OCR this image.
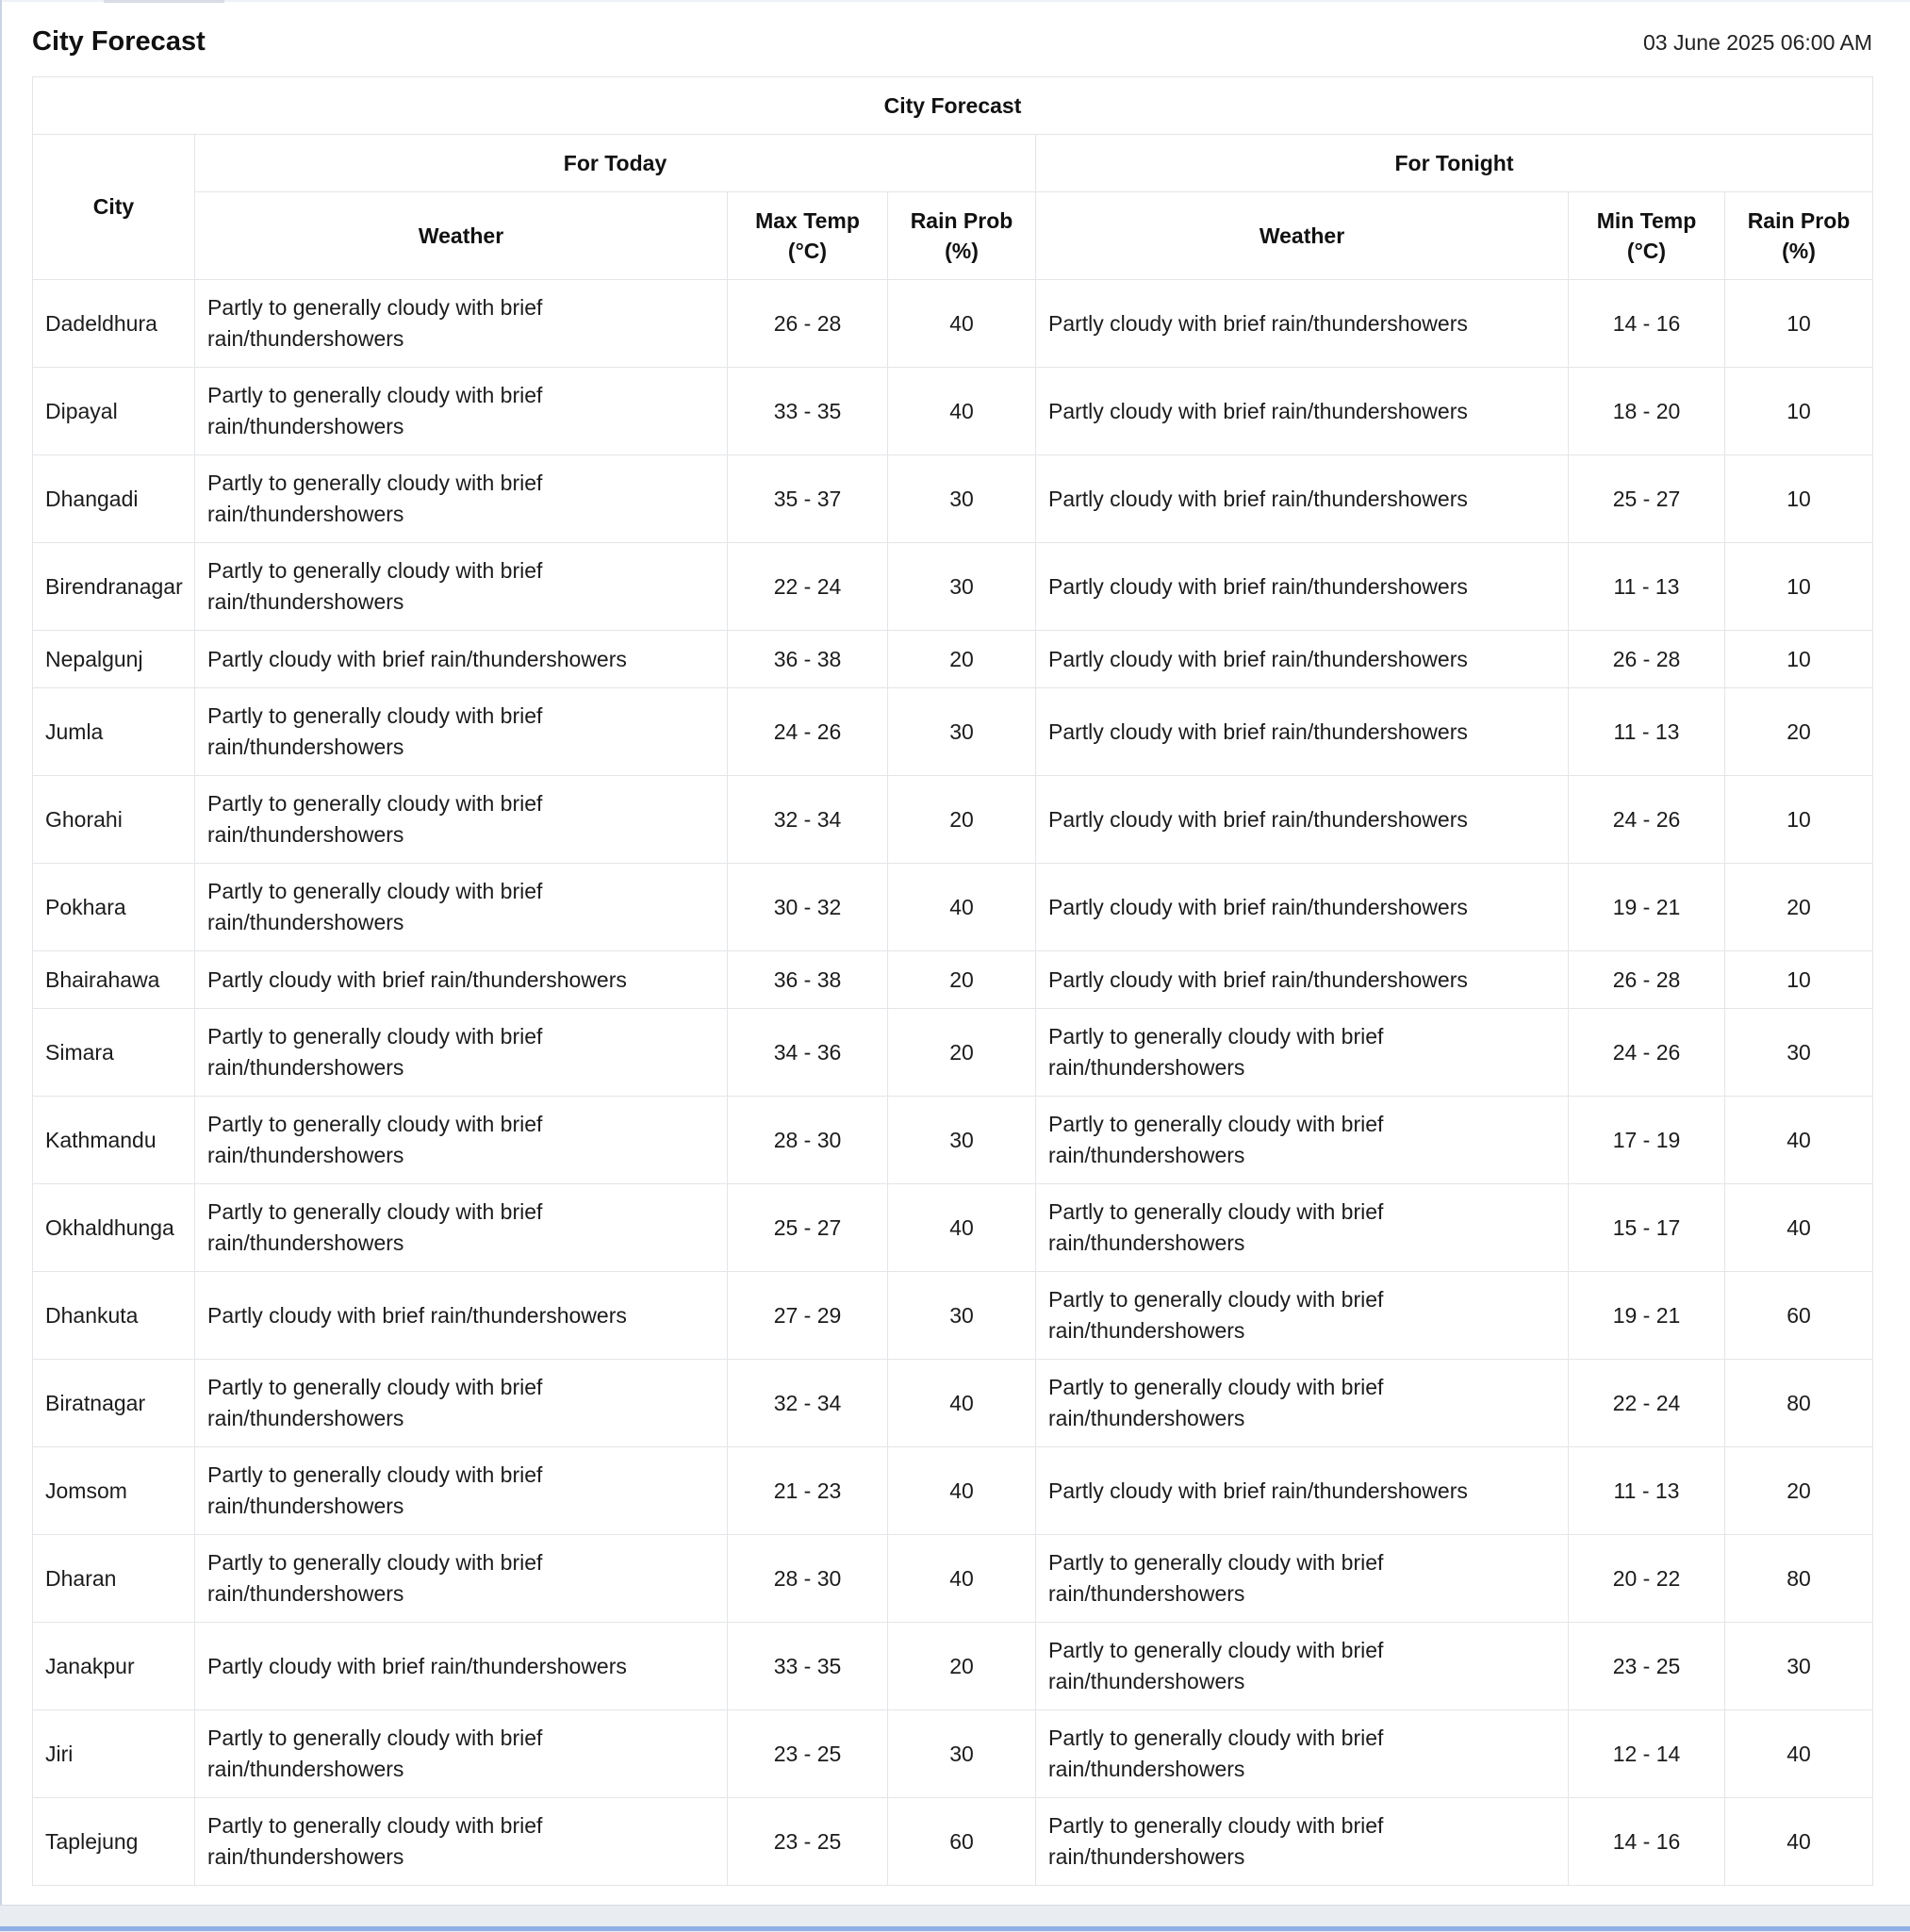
City Forecast	03 June 2025 06:00 AM
City Forecast						
City	For Today			For Tonight		
	Weather	Max Temp (°C)	Rain Prob (%)	Weather	Min Temp (°C)	Rain Prob (%)
Dadeldhura	Partly to generally cloudy with brief rain/thundershowers	26 - 28	40	Partly cloudy with brief rain/thundershowers	14 - 16	10
Dipayal	Partly to generally cloudy with brief rain/thundershowers	33 - 35	40	Partly cloudy with brief rain/thundershowers	18 - 20	10
Dhangadi	Partly to generally cloudy with brief rain/thundershowers	35 - 37	30	Partly cloudy with brief rain/thundershowers	25 - 27	10
Birendranagar	Partly to generally cloudy with brief rain/thundershowers	22 - 24	30	Partly cloudy with brief rain/thundershowers	11 - 13	10
Nepalgunj	Partly cloudy with brief rain/thundershowers	36 - 38	20	Partly cloudy with brief rain/thundershowers	26 - 28	10
Jumla	Partly to generally cloudy with brief rain/thundershowers	24 - 26	30	Partly cloudy with brief rain/thundershowers	11 - 13	20
Ghorahi	Partly to generally cloudy with brief rain/thundershowers	32 - 34	20	Partly cloudy with brief rain/thundershowers	24 - 26	10
Pokhara	Partly to generally cloudy with brief rain/thundershowers	30 - 32	40	Partly cloudy with brief rain/thundershowers	19 - 21	20
Bhairahawa	Partly cloudy with brief rain/thundershowers	36 - 38	20	Partly cloudy with brief rain/thundershowers	26 - 28	10
Simara	Partly to generally cloudy with brief rain/thundershowers	34 - 36	20	Partly to generally cloudy with brief rain/thundershowers	24 - 26	30
Kathmandu	Partly to generally cloudy with brief rain/thundershowers	28 - 30	30	Partly to generally cloudy with brief rain/thundershowers	17 - 19	40
Okhaldhunga	Partly to generally cloudy with brief rain/thundershowers	25 - 27	40	Partly to generally cloudy with brief rain/thundershowers	15 - 17	40
Dhankuta	Partly cloudy with brief rain/thundershowers	27 - 29	30	Partly to generally cloudy with brief rain/thundershowers	19 - 21	60
Biratnagar	Partly to generally cloudy with brief rain/thundershowers	32 - 34	40	Partly to generally cloudy with brief rain/thundershowers	22 - 24	80
Jomsom	Partly to generally cloudy with brief rain/thundershowers	21 - 23	40	Partly cloudy with brief rain/thundershowers	11 - 13	20
Dharan	Partly to generally cloudy with brief rain/thundershowers	28 - 30	40	Partly to generally cloudy with brief rain/thundershowers	20 - 22	80
Janakpur	Partly cloudy with brief rain/thundershowers	33 - 35	20	Partly to generally cloudy with brief rain/thundershowers	23 - 25	30
Jiri	Partly to generally cloudy with brief rain/thundershowers	23 - 25	30	Partly to generally cloudy with brief rain/thundershowers	12 - 14	40
Taplejung	Partly to generally cloudy with brief rain/thundershowers	23 - 25	60	Partly to generally cloudy with brief rain/thundershowers	14 - 16	40
